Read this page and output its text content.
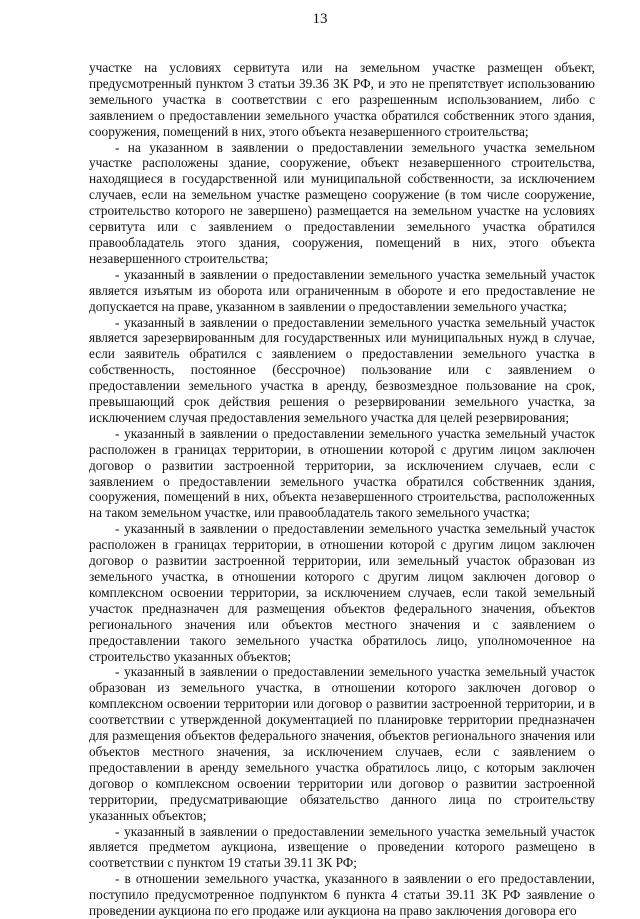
13

участке на условиях сервитута или на земельном участке размещен объект, предусмотренный пунктом 3 статьи 39.36 ЗК РФ, и это не препятствует использованию земельного участка в соответствии с его разрешенным использованием, либо с заявлением о предоставлении земельного участка обратился собственник этого здания, сооружения, помещений в них, этого объекта незавершенного строительства;

- на указанном в заявлении о предоставлении земельного участка земельном участке расположены здание, сооружение, объект незавершенного строительства, находящиеся в государственной или муниципальной собственности, за исключением случаев, если на земельном участке размещено сооружение (в том числе сооружение, строительство которого не завершено) размещается на земельном участке на условиях сервитута или с заявлением о предоставлении земельного участка обратился правообладатель этого здания, сооружения, помещений в них, этого объекта незавершенного строительства;

- указанный в заявлении о предоставлении земельного участка земельный участок является изъятым из оборота или ограниченным в обороте и его предоставление не допускается на праве, указанном в заявлении о предоставлении земельного участка;

- указанный в заявлении о предоставлении земельного участка земельный участок является зарезервированным для государственных или муниципальных нужд в случае, если заявитель обратился с заявлением о предоставлении земельного участка в собственность, постоянное (бессрочное) пользование или с заявлением о предоставлении земельного участка в аренду, безвозмездное пользование на срок, превышающий срок действия решения о резервировании земельного участка, за исключением случая предоставления земельного участка для целей резервирования;

- указанный в заявлении о предоставлении земельного участка земельный участок расположен в границах территории, в отношении которой с другим лицом заключен договор о развитии застроенной территории, за исключением случаев, если с заявлением о предоставлении земельного участка обратился собственник здания, сооружения, помещений в них, объекта незавершенного строительства, расположенных на таком земельном участке, или правообладатель такого земельного участка;

- указанный в заявлении о предоставлении земельного участка земельный участок расположен в границах территории, в отношении которой с другим лицом заключен договор о развитии застроенной территории, или земельный участок образован из земельного участка, в отношении которого с другим лицом заключен договор о комплексном освоении территории, за исключением случаев, если такой земельный участок предназначен для размещения объектов федерального значения, объектов регионального значения или объектов местного значения и с заявлением о предоставлении такого земельного участка обратилось лицо, уполномоченное на строительство указанных объектов;

- указанный в заявлении о предоставлении земельного участка земельный участок образован из земельного участка, в отношении которого заключен договор о комплексном освоении территории или договор о развитии застроенной территории, и в соответствии с утвержденной документацией по планировке территории предназначен для размещения объектов федерального значения, объектов регионального значения или объектов местного значения, за исключением случаев, если с заявлением о предоставлении в аренду земельного участка обратилось лицо, с которым заключен договор о комплексном освоении территории или договор о развитии застроенной территории, предусматривающие обязательство данного лица по строительству указанных объектов;

- указанный в заявлении о предоставлении земельного участка земельный участок является предметом аукциона, извещение о проведении которого размещено в соответствии с пунктом 19 статьи 39.11 ЗК РФ;

- в отношении земельного участка, указанного в заявлении о его предоставлении, поступило предусмотренное подпунктом 6 пункта 4 статьи 39.11 ЗК РФ заявление о проведении аукциона по его продаже или аукциона на право заключения договора его
